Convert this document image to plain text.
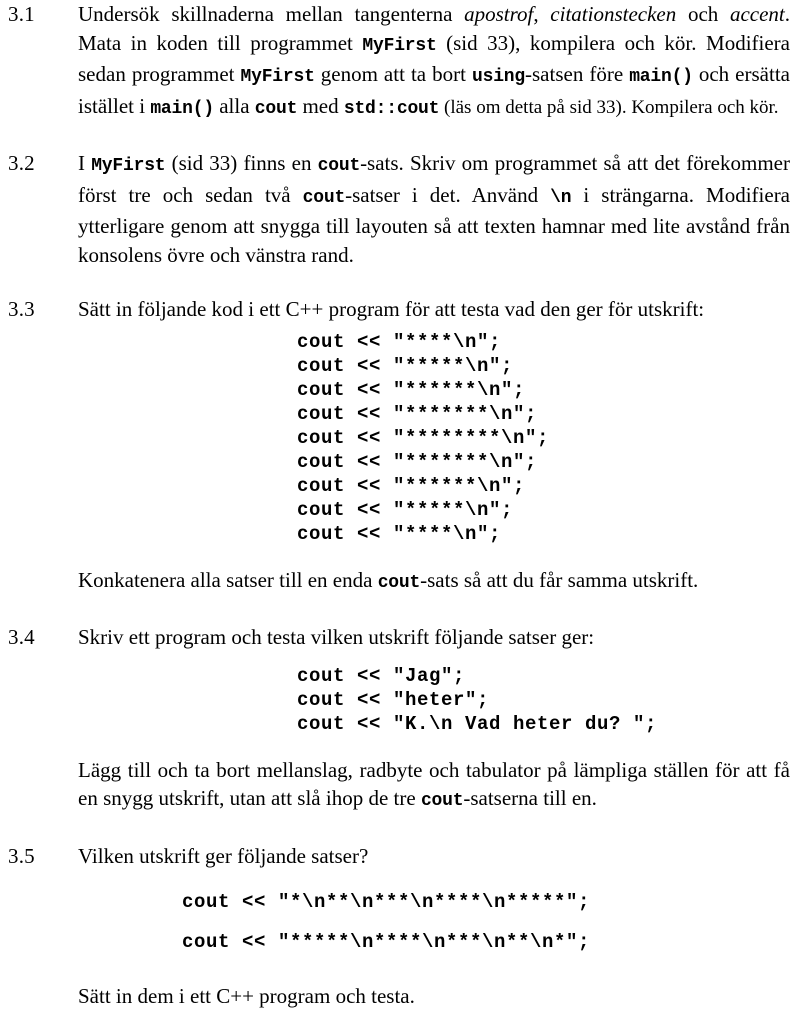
3.1	Undersök skillnaderna mellan tangenterna apostrof, citationstecken och accent. Mata in koden till programmet MyFirst (sid 33), kompilera och kör. Modifiera sedan programmet MyFirst genom att ta bort using-satsen före main() och ersätta istället i main() alla cout med std::cout (läs om detta på sid 33). Kompilera och kör.

3.2	I MyFirst (sid 33) finns en cout-sats. Skriv om programmet så att det förekommer först tre och sedan två cout-satser i det. Använd \n i strängarna. Modifiera ytterligare genom att snygga till layouten så att texten hamnar med lite avstånd från konsolens övre och vänstra rand.

3.3	Sätt in följande kod i ett C++ program för att testa vad den ger för utskrift:

cout << "****\n";
cout << "*****\n";
cout << "******\n";
cout << "*******\n";
cout << "********\n";
cout << "*******\n";
cout << "******\n";
cout << "*****\n";
cout << "****\n";

Konkatenera alla satser till en enda cout-sats så att du får samma utskrift.

3.4	Skriv ett program och testa vilken utskrift följande satser ger:

cout << "Jag";
cout << "heter";
cout << "K.\n Vad heter du? ";

Lägg till och ta bort mellanslag, radbyte och tabulator på lämpliga ställen för att få en snygg utskrift, utan att slå ihop de tre cout-satserna till en.

3.5	Vilken utskrift ger följande satser?

cout << "*\n**\n***\n****\n*****";
cout << "*****\n****\n***\n**\n*";

Sätt in dem i ett C++ program och testa.
